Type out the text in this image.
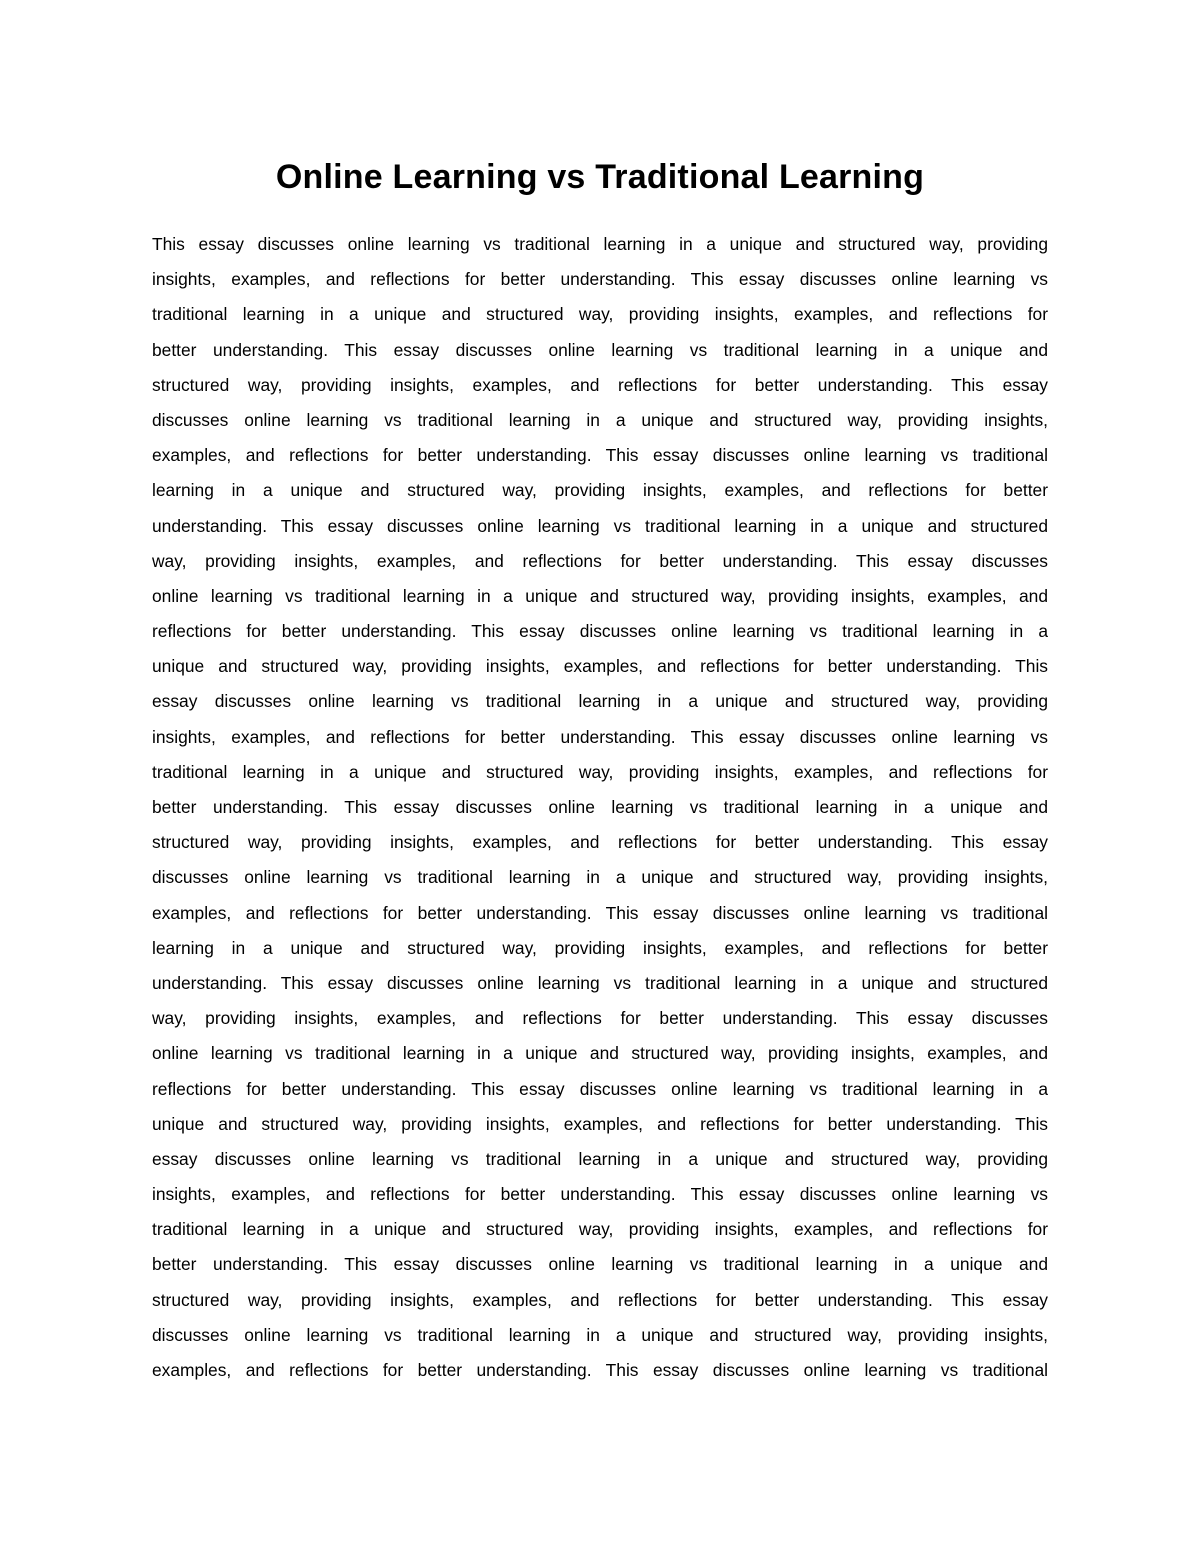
Online Learning vs Traditional Learning
This essay discusses online learning vs traditional learning in a unique and structured way, providing
insights, examples, and reflections for better understanding. This essay discusses online learning vs
traditional learning in a unique and structured way, providing insights, examples, and reflections for
better understanding. This essay discusses online learning vs traditional learning in a unique and
structured way, providing insights, examples, and reflections for better understanding. This essay
discusses online learning vs traditional learning in a unique and structured way, providing insights,
examples, and reflections for better understanding. This essay discusses online learning vs traditional
learning in a unique and structured way, providing insights, examples, and reflections for better
understanding. This essay discusses online learning vs traditional learning in a unique and structured
way, providing insights, examples, and reflections for better understanding. This essay discusses
online learning vs traditional learning in a unique and structured way, providing insights, examples, and
reflections for better understanding. This essay discusses online learning vs traditional learning in a
unique and structured way, providing insights, examples, and reflections for better understanding. This
essay discusses online learning vs traditional learning in a unique and structured way, providing
insights, examples, and reflections for better understanding. This essay discusses online learning vs
traditional learning in a unique and structured way, providing insights, examples, and reflections for
better understanding. This essay discusses online learning vs traditional learning in a unique and
structured way, providing insights, examples, and reflections for better understanding. This essay
discusses online learning vs traditional learning in a unique and structured way, providing insights,
examples, and reflections for better understanding. This essay discusses online learning vs traditional
learning in a unique and structured way, providing insights, examples, and reflections for better
understanding. This essay discusses online learning vs traditional learning in a unique and structured
way, providing insights, examples, and reflections for better understanding. This essay discusses
online learning vs traditional learning in a unique and structured way, providing insights, examples, and
reflections for better understanding. This essay discusses online learning vs traditional learning in a
unique and structured way, providing insights, examples, and reflections for better understanding. This
essay discusses online learning vs traditional learning in a unique and structured way, providing
insights, examples, and reflections for better understanding. This essay discusses online learning vs
traditional learning in a unique and structured way, providing insights, examples, and reflections for
better understanding. This essay discusses online learning vs traditional learning in a unique and
structured way, providing insights, examples, and reflections for better understanding. This essay
discusses online learning vs traditional learning in a unique and structured way, providing insights,
examples, and reflections for better understanding. This essay discusses online learning vs traditional
